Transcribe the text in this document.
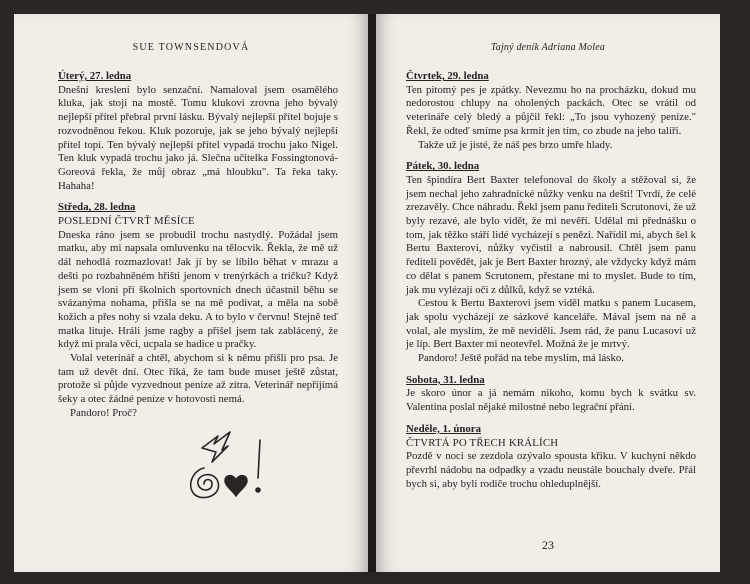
SUE TOWNSENDOVÁ

Úterý, 27. ledna

Dnešní kreslení bylo senzační. Namaloval jsem osamělého kluka, jak stojí na mostě. Tomu klukovi zrovna jeho bývalý nejlepší přítel přebral první lásku. Bývalý nejlepší přítel bojuje s rozvodněnou řekou. Kluk pozoruje, jak se jeho bývalý nejlepší přítel topí. Ten bývalý nejlepší přítel vypadá trochu jako Nigel. Ten kluk vypadá trochu jako já. Slečna učitelka Fossingtonová-Goreová řekla, že můj obraz „má hloubku". Ta řeka taky. Hahaha!

Středa, 28. ledna

POSLEDNÍ ČTVRŤ MĚSÍCE

Dneska ráno jsem se probudil trochu nastydlý. Požádal jsem matku, aby mi napsala omluvenku na tělocvik. Řekla, že mě už dál nehodlá rozmazlovat! Jak jí by se líbilo běhat v mrazu a dešti po rozbahněném hřišti jenom v trenýrkách a tričku? Když jsem se vloni při školních sportovních dnech účastnil běhu se svázanýma nohama, přišla se na mě podívat, a měla na sobě kožich a přes nohy si vzala deku. A to bylo v červnu! Stejně teď matka lituje. Hráli jsme ragby a přišel jsem tak zablácený, že když mi prala věci, ucpala se hadice u pračky.

Volal veterinář a chtěl, abychom si k němu přišli pro psa. Je tam už devět dní. Otec říká, že tam bude muset ještě zůstat, protože si půjde vyzvednout peníze až zítra. Veterinář nepřijímá šeky a otec žádné peníze v hotovosti nemá.

Pandoro! Proč?

Tajný deník Adriana Molea

Čtvrtek, 29. ledna

Ten pitomý pes je zpátky. Nevezmu ho na procházku, dokud mu nedorostou chlupy na oholených packách. Otec se vrátil od veterináře celý bledý a půjčil řekl: „To jsou vyhozený peníze." Řekl, že odteď smíme psa krmit jen tím, co zbude na jeho talíři.

Takže už je jisté, že náš pes brzo umře hlady.

Pátek, 30. ledna

Ten špindíra Bert Baxter telefonoval do školy a stěžoval si, že jsem nechal jeho zahradnické nůžky venku na dešti! Tvrdí, že celé zrezavěly. Chce náhradu. Řekl jsem panu řediteli Scrutonovi, že už byly rezavé, ale bylo vidět, že mi nevěří. Udělal mi přednášku o tom, jak těžko stáří lidé vycházejí s penězi. Nařídil mi, abych šel k Bertu Baxterovi, nůžky vyčistil a nabrousil. Chtěl jsem panu řediteli povědět, jak je Bert Baxter hrozný, ale vždycky když mám co dělat s panem Scrutonem, přestane mi to myslet. Bude to tím, jak mu vylézají oči z důlků, když se vztéká.

Cestou k Bertu Baxterovi jsem viděl matku s panem Lucasem, jak spolu vycházejí ze sázkové kanceláře. Mával jsem na ně a volal, ale myslím, že mě neviděli. Jsem rád, že panu Lucasoví už je líp. Bert Baxter mi neotevřel. Možná že je mrtvý.

Pandoro! Ještě pořád na tebe myslím, má lásko.

Sobota, 31. ledna

Je skoro únor a já nemám nikoho, komu bych k svátku sv. Valentina poslal nějaké milostné nebo legrační přání.

Neděle, 1. února

ČTVRTÁ PO TŘECH KRÁLÍCH

Pozdě v noci se zezdola ozývalo spousta křiku. V kuchyni někdo převrhl nádobu na odpadky a vzadu neustále bouchaly dveře. Přál bych si, aby byli rodiče trochu ohleduplnější.

23
